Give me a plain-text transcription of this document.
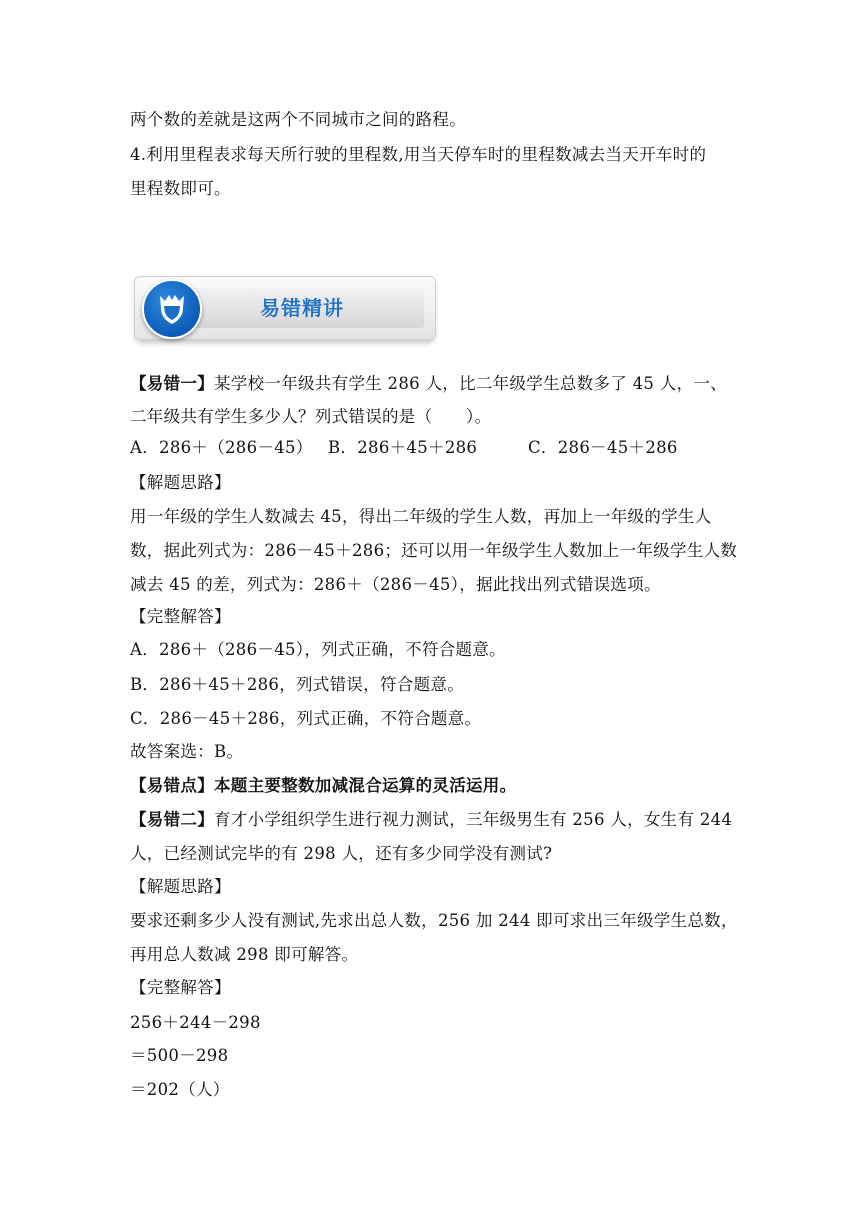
两个数的差就是这两个不同城市之间的路程。
4.利用里程表求每天所行驶的里程数,用当天停车时的里程数减去当天开车时的
里程数即可。
易错精讲
【易错一】某学校一年级共有学生 286 人，比二年级学生总数多了 45 人，一、
二年级共有学生多少人？列式错误的是（　　）。
A．286＋（286－45） B．286＋45＋286	C．286－45＋286
【解题思路】
用一年级的学生人数减去 45，得出二年级的学生人数，再加上一年级的学生人
数，据此列式为：286－45＋286；还可以用一年级学生人数加上一年级学生人数
减去 45 的差，列式为：286＋（286－45），据此找出列式错误选项。
【完整解答】
A．286＋（286－45），列式正确，不符合题意。
B．286＋45＋286，列式错误，符合题意。
C．286－45＋286，列式正确，不符合题意。
故答案选：B。
【易错点】本题主要整数加减混合运算的灵活运用。
【易错二】育才小学组织学生进行视力测试，三年级男生有 256 人，女生有 244
人，已经测试完毕的有 298 人，还有多少同学没有测试?
【解题思路】
要求还剩多少人没有测试,先求出总人数，256 加 244 即可求出三年级学生总数，
再用总人数减 298 即可解答。
【完整解答】
256＋244－298
＝500－298
＝202（人）
